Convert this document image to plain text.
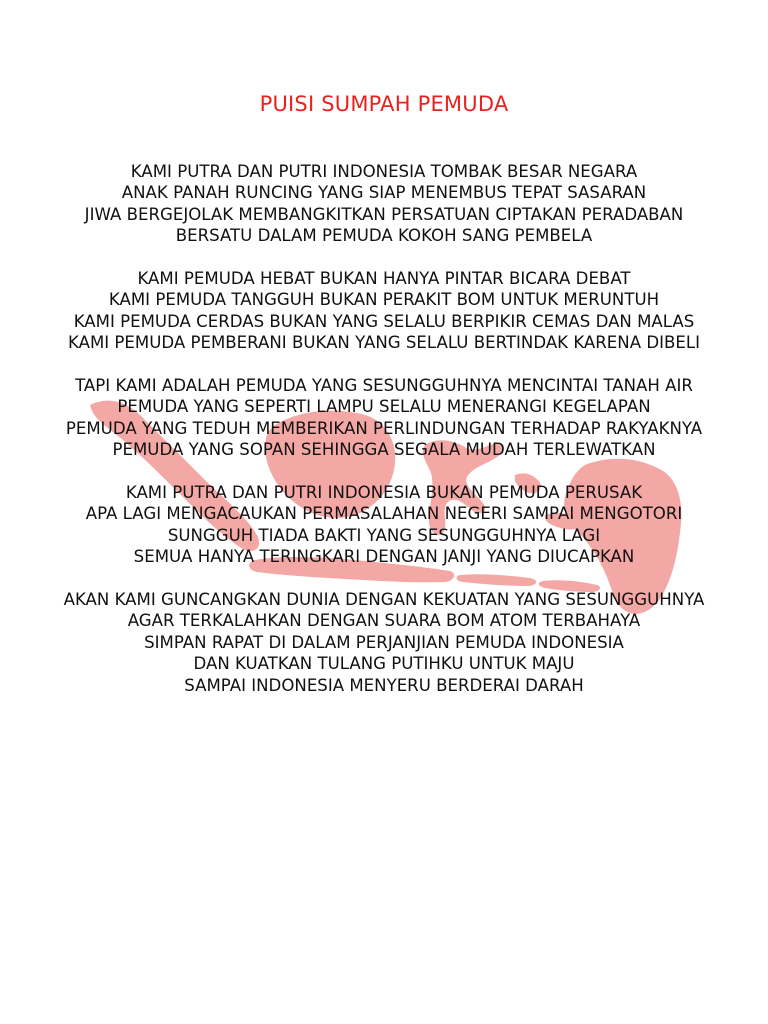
PUISI SUMPAH PEMUDA
KAMI PUTRA DAN PUTRI INDONESIA TOMBAK BESAR NEGARA
ANAK PANAH RUNCING YANG SIAP MENEMBUS TEPAT SASARAN
JIWA BERGEJOLAK MEMBANGKITKAN PERSATUAN CIPTAKAN PERADABAN
BERSATU DALAM PEMUDA KOKOH SANG PEMBELA
KAMI PEMUDA HEBAT BUKAN HANYA PINTAR BICARA DEBAT
KAMI PEMUDA TANGGUH BUKAN PERAKIT BOM UNTUK MERUNTUH
KAMI PEMUDA CERDAS BUKAN YANG SELALU BERPIKIR CEMAS DAN MALAS
KAMI PEMUDA PEMBERANI BUKAN YANG SELALU BERTINDAK KARENA DIBELI
TAPI KAMI ADALAH PEMUDA YANG SESUNGGUHNYA MENCINTAI TANAH AIR
PEMUDA YANG SEPERTI LAMPU SELALU MENERANGI KEGELAPAN
PEMUDA YANG TEDUH MEMBERIKAN PERLINDUNGAN TERHADAP RAKYAKNYA
PEMUDA YANG SOPAN SEHINGGA SEGALA MUDAH TERLEWATKAN
KAMI PUTRA DAN PUTRI INDONESIA BUKAN PEMUDA PERUSAK
APA LAGI MENGACAUKAN PERMASALAHAN NEGERI SAMPAI MENGOTORI
SUNGGUH TIADA BAKTI YANG SESUNGGUHNYA LAGI
SEMUA HANYA TERINGKARI DENGAN JANJI YANG DIUCAPKAN
AKAN KAMI GUNCANGKAN DUNIA DENGAN KEKUATAN YANG SESUNGGUHNYA
AGAR TERKALAHKAN DENGAN SUARA BOM ATOM TERBAHAYA
SIMPAN RAPAT DI DALAM PERJANJIAN PEMUDA INDONESIA
DAN KUATKAN TULANG PUTIHKU UNTUK MAJU
SAMPAI INDONESIA MENYERU BERDERAI DARAH
